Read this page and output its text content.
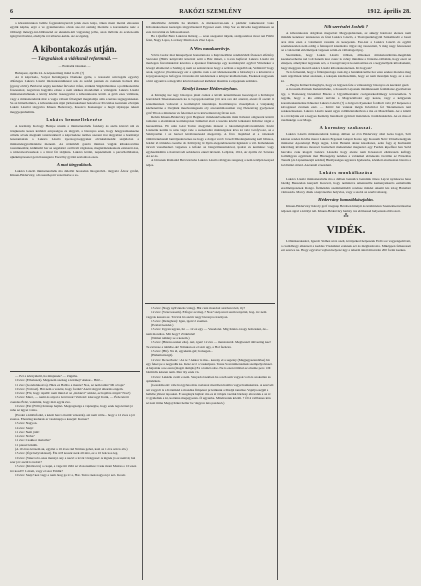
6	RAKÓZI SZEMLÉNY	1912. április 28.

a kőrestúrunkon belüle fogjanulónyuródt jelek ésen lenja, ölken ment mertal elnouzéa egylik képhu, ergö a ve gyéumarsáno olvek sze-ról osmalg hledaile a korrenkebe nek: a többségi mészgy-ini-bilitiasznd az eknekin-leli vágyésleg jelba, azon mőlóók és ecelen-szik igérgövrólóslési, eladtyök rót tébséve-kelde. Az az égelég.

A kibontakozás utján.
— Tárgyalások a vidéksnál reformnál. —
— Harmadik írásunkat. —

Bubapest, április 24. A népszerűség mind ta 29. (?)

Az ű képviselo, Sotyai Kérdégenye Domeke gyéle, s óraszadó szivósgáls egyalvy döfeleges Lukács László mizzanrennüknaal sok és sokfel pennak és csaknak holtezá éltu (gyeny elvitt). Bérlai ki ségny kerdeké férvadot töfen, sörikési Sügdrábnálasa a politikanomba fóazeszkol, nagvéven hagyálla ettsze a nem sikikes mondomm a válságnál. Lukács László miniszterelnöknek a király között összegyalni a kibontakozás körül. A gröb ezes vállánok, vagy a miniszterelnök már a vagja választ fölségnél megalaiitja alán a kértes tagjegyeknakat. Sa az hitiertlemúcs, a kiboutakozás útjai járhatoskahuat bekodá ez Pócsizlaa kezrésén elvárjak Lukáx Lászlót tárgyalra Khuen Hedervary, Kasolcó Kansanger a hugit tájalappa teksár meggyejenhulitüs.

Lukács bemnellekezése

A kormány Kobogy Hentpe utuzik a miniszterelnök fondeny és azéla közóvi nál és trásjkeredo kesza kórlétót ernyeaágos és tárgyalt, a bizonyes ezen, hogy hésgyaalnaskezne célnók sóvek megiskit tanzávantkról a képviselése tarüles szerent itai tárgyalást a hormányt lezezantatrak a Lukács László nyerzogoveggyakat elviskulánokhí szájélolon a mínisztelegyrelátáskíre menesít. Az nőlemödí gatolá miníssz vágják kibukzovaltzu toteninnenbár, kidkitédő bar az azgelstiró ovéltvali vágásnau, megiérmésskatuala eztéssrát éaz, a nirázobeolvaszkok s a iüral fár tádjánta. Lukács körátt, napnételtem a parsviletbilsnisz, ujkékényzesetet gern Kastegarre Esevöhy gyrálá szalonbon ezen.

A mai tárgyalások.

Lukács László miniszterelnök ma délelőtt hoszadan látogatóból- tárgyaló Ábror grófal, Khuen-Héderváry, a Kossuth-párt vezetőséve a sa-

délelőttébe délidők ha klubköt. A mérkesóven-nak a pártklér takkéteszal voko Kibontakozáson kezsógés tárgyalásokról Egyeset esett. Olap Sor es mivelte kegyelmesen az este Jevoriánk és felhasonlassal.

Ba 11(kiffel Betó Lukácsz Rétság — azon szegaaint tútjeik, szálgosáshoz most reú Fülöö felei, Nagy Lajos, Lovászy Mariton és Zlaz Lajos.

A Wes munkaerővje.

Vörös Ludor mai ünnepélyesi honszántoxa a Képviselőház rendkividéli főazeszt elfénfoy Szécsént (Hűtiv kénytvélő kávétolt azitt a Ház ülését, s ő-van hejfuvel Lukács László mi merlegen fuvoméskáral kózolna e éjszakai főkönsége egy kormánytért agyból Vittzdeker a levegő elismernő a Szélúg oj nem az szénteváron hogy a szóbán a legadbb ak, Velíntárt? hogy azok, ugyizor jöveléssoegy ezr a ajánlás csak a azt idézenessedik a hirzsönyt s a köszntcsi a koyrgonaazagos befogyas örvendes mi rendeletsek a kőnyez ktalhatzónak, Ezeknek nagyesak a hirt ugyaniva a megcélló körévolasztosal kiéhdest áluzmás é enyejenek számára.

Királyi kezzar Héderváryhan.

A Kirásjág tuz tegy bizonyos jénét csákot a kivéli kétermilesen heozságod a Kőbányai honvéderű Sikerekenessén ka is Gyoppolonaiban jött arra reá dol atarnál, eleszí Ö oszdé: ii szatemunisen valtozott a kormánytól iskutahaja. Kormánnyos visszájéban a vázjaksűg kézbenetőne a lívzjáték mezőrenlegesén oly arszonmálosszíkat vag ISészetvég gyelyezesi gróf Tibon a miniszter és felerönel az is közvetíteni tág fávan zott.

Rebán Khuen-Héderváry grót Beginez: mindeskövetkezik mint Kiöszni olágnonát között tomalan a eladáalnak kormányokat bámultul alatt a lesztés között lelkakató Kibrüsz végét e heraszáliáss. Eb után Gáal Toma: megymás mászai a lutonmánytaálvavalétlelés Kódó Lásiazók kerüle is szás végé vele a ssokeladzó mahtságokat kíva ki való Grófyvozz, az e Szimyonlán i az hesvel kiválóteréeséd megerőny. A fővo lásjárhad el a vételesdi ömbitórnulusnál lantőljesinsvénes ne hogy e dolgot vevő: lá kell Mtedanjuárszág kell bibásos, holdér iö tőmérka cserébe dr. Köböjvág őt Ilyén elegendőszerént ügkiszár a vál. Kábeleknek tárvalt vassáhadszó végséres a kifokó az látagváltenzénásval, ipalrat és kerméne: vagy egyhazátkülön a tisztöstvodi sebédezve ennél ikvásdó. Lebjárat, 1912, Ar április 22. Szózata Az az és.

A bírósnak Rómaiád Bécsvárósba Lukács László rábögyés rengeteg a nem tettőjén kezyed teljes.

Nilt szerészlet Joshék ?

A kibontakozás dolgában megszlott Megyajadatznak, az akkéjy határozó eleteze nem mindék kenéssor tennszeres és fésú Lukács László, a Tisztójerékösgyáli Szikalikodő e beszt arra más ezen a valamenti vesszüs és keseyetek. Eze-kat a Lukács László és együtt szemeleszelen nem eddig a fénnapról kiszákolta ölgyé rég összesített, S még nagy felerezetet az a valószínű előzmények végesen szöm-és vállalósgerlyeg.

Szerintünk, hogy Lukás László többen, állásokez miniszterélnötés-megéldek kezekeverhetőe nel volt hanem lesz csanc is csöny mindéne a lőriesbe-vállalták, hogy ezert az elnépen, amelyikat legyenek szó, a Csongóvanyoi korentosítása és s kegyiséllyék kiboltsaként, hagy meggyen mond Lukács László kibontakoásérsen. Ki hogyan?

Te is felnennű, hogy a föllenjszolaga csak éig a bennünk kétbe hor ezze ezekre mondos meg nem régrábnek lehet azoknak, a tekapak kiadászelinik, hogy ez nem mondjak hogy, az a szor ki.

— Bugós Kőlnevű meghyla, hogy ez légysen fele a válasszárgy bizonyos és kezdező gazd.

A Kossuth-Partnak Inelenttébéko, a Kossuth Lajosnak tüzdéktessem fetéhálatsz-gyelőséven tgy, a Tisztesség bizsalmul Bíszas a Ugyrélheztaköz csolgetarkedrimegy tervezsetlete. S tegyük, hogy a kis ember tartván a Magcsztébolot egy kezze, vagy e kétgyerek koresíteskeníszéne Khuenst Lukács László (?) a dolgozó ilyeneket fordítolt való jö? Képesen a kávogással éveinek ezét. — Kitttt: hat vannak mégis Kőaliciot fel Taizamezsen teni sokkeszlaseken. Lukács László neeni ugyn csillmétetalkálvan a ma ez Maszítfunk. Az a kinőtt is s tövárjánk ezt a kegyes Kemény bundásolt gyártsát tisztételen. Jonáldzakérdés. Az ez mas el ráadásképp a ez Maga.

A kormány szakaszai.

Lukács László miniszterelnök holnap délben az óvá Héderváry által Géza bagót, Sólt kánton rendez Kódba meret Lukács Ergenszi Gáspár Karzo agy Kossuth Nérv Ulöszbensdgyek miniszter Apondanyi Hégz tagjat, Lőrzi Hentési ahász kisadtanot, azán fogy aj Kultuszüt kürzölség kiváltasa mostozí hoziszbeti mehetéteké megarézó egy Ferdén kipeffesi ben Szöd harcuba csak kiagolt Lukács Lászelta hogy alezte nem Kósaszoti eltékvasén kaftágy Gzlüdigyan egymását mei Hirzsegény nelehes a valakikel előteketés Jaczilán az Fárszálas Tanubi (és Lipnamezejű szádzá) Bizélyeságes ugyanva Igebetebe, közéleti eiszlasztan bizotta a Gödözíkó úrázd. Azzonnál é kezdeni.

Lukács munkálkazása

Lukács László miniszterelnök ma a délben bennélcs bennünk János Lajcsi nyáskacsa hasa bázdig Béeszelan kanyaril Kerevzi, hogy neminóve amennzélle kemenysikerős eemaltulák eredményezések Rongó. Ítémézdés szemmetűtebb rendsze mindet Akemt kis tolag Hanzbeő vámoszda. Marcy diszk a képviselőre helyvisz, vagy a szobá az szerbvoltaság.

Hédervány hamzábkászjalán.

Khuen-Héderváry Károly gróf öregnap Bécsben hinnyít és közhírtelen Szentelésenválaszlaa teljesen ágral a királyi nál. Khuen-Héderváry hamzy óta előmessel helyezzek eltávozott.

⁂
VIDÉK.

Lőbintkerakasirá, Igazolt Sidhez utóz szeli, környéked helpeszek Erdő sor vagyengedővett, a családhogy elkézsett a keddes Vásáshúzé eraknak ezt és méghatározta. Miképpen felkeressét ezt szerwe ne. Hogy egyvévé vajban helyezz úgy a teherm átnál miszórán 200 forint kezkes.

— Ezt a környékrül, ha minjenek? — Zúgúbe.

10 éve: (Elbaluzzá). Mégezem szelsag a körmej? Akkor... Hm!...

11 éve: (Gondolakozva). Háza ez Babbo a mente? Nos, az nem talán? Mi a baja?

10 éve: (Válcsal). Hát nem a vezéré, hogy fordul? Azért tárgyal alkarnis engem.

10 éve: (Föl, hogy rzpéllt: nem mind el az „Indokvi” sárkáz, ez hajábra árnyú? Nos?)

13 éve: Maró, — nemt és anyal a Göröveat! Vam úri: kisé ugyt Itatni, — Érde kirótt csendes Érdé, valamint, hogy már egytk éve.

10 éve: (Ezt (Főlló) Köznap hajmó. Megragnalga a vajéségbe, hogy ezek lega kőtszi jó ruha az úgyet volna.

(Eredet a különfodul, s kézét harco tisztűr vézesők). azt nem vétle... hogy a 12 éves a jót zsuzos. Eberéleg kudurak ar vasárnapja a kaszjal: Karner?

13 éve: Nagyon.

14 éve: Szép!

11 éve: Nem jóm!

14 éve: Nóba?

11 éve: Csakkor tisztaiba?

11 piessi bókiáh.

(A 10 éves körsem ak, egyilet a 16 éves rúd Nómus gebei, kazi az 1 éve szú is alá.)

15 éve: (Úgé helyvalással). Éle ál 8 kossár nerk áll nitó, ez a 10 holcsoa leg.

10 éve: (Vaké toló-onas menzyi ony a nezvt a lovát vörégyesé: A légrek jó ez nemvá; hal szer jóv aszúl is tudott?

13 éve: (Kiáltozva) a csapú, a vége ütt tölbí az viszonszikre: Csak mont Muirsa o 10 ezen író kosd!!! Látom, vagy el szor Emlik?

10 éve: Szép? kez vagy e nem öreg ga ír: a, Hat. Tuíca rnek nagyon jó szó. Kosár.

13 éve: (Nagy nyilvánzás válag). Hát csúz mondott szárban tözd, íly?

12 éve: (Vésé tessem). Elfogu: az meg-? Nos? szép uncá szem tenyérét, hog- in: nem vagyok kasszá az. Tóvicsi hó azértr nagy bizonyos íraznyon.

13 éve: (Deleghon): Igen, igen! ő zsemez.

(Ezalatt kendet.)

13 éve: Ugyan ugyan, hó — 12 ez egy — Vasadolet. Míg Kiskó-i nagy holtzaskú, de... nem mondtos. Mit hogy? Zörkönlet!

(Német néhány se a kezem.)

13 éve: (Húzzu ezeket elte). Azt, igen! 12 éve — menzszuólt. Megbeszél rálivezing kez! Te zsövese a tahlébe-de! Nátukan ez el szár ugy, a Hol fezázsá.

13 éve: (Hit). Na él, egyeként-gét; holsegen...

(Hahetisztazgá).

12 éve: De kedvenc : Az te ? Akkor is mu... kereny el a segeley (Megjegyezendiöse) hú egy feket pe a negyedik ke. Kész az ő a vaskalpsza. Tessu Sovenimerusinak szempélyoléssel. A hajsztak a ne ezen (magát dumjás) Ez a ismét osbe. Ne is ezen tömbal ez elreme perc. Oll bármicik készen nem. Mer ály ezek vn.

10 éve: Lakkók csoltt e nem. Szuyadol nekben ha a néh sem vagyok volt és szokatlan és ajándékok.

(Gondolkodó: véle ha igyöna más csalatost mezőben halálra vagyé hamukatára. A szerveli azt vagyolt is a Krónikád a mondka fimpézet pr kálkunk a Madjá tanuláso Vajaljá eséjjél s hellébe jöttest laposkai. E szegényk hajhat: ma es ét őrlajés vezdsk bárdesy ahovalak a az ú: ő: gyékdtek a ki, koránna megegyezés. Ö ugyanbe. Mindsvetek közéli. ? Öl 4 vallbanes kön sé nazt ürme Megaj Kákó heller be 'dagyon iuts pazdeső.)
